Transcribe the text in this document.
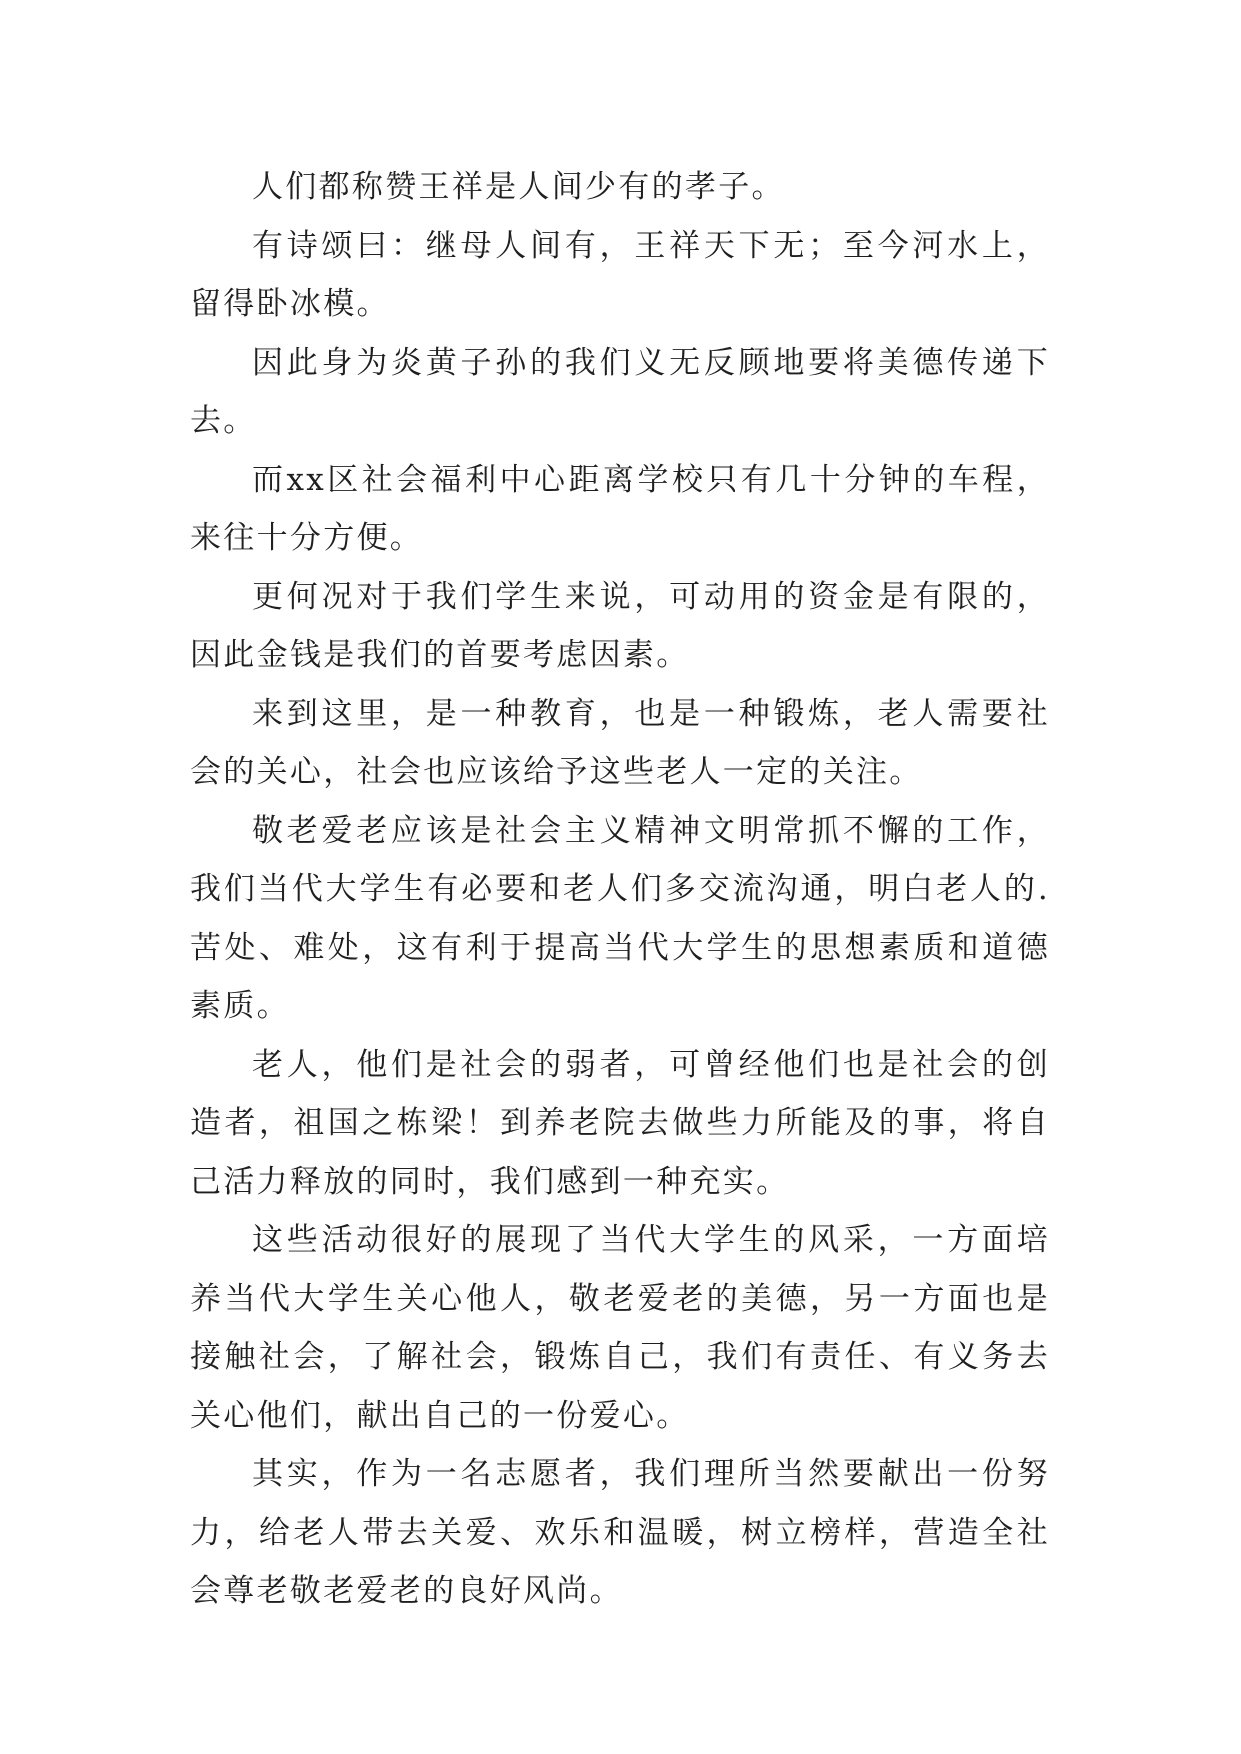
人们都称赞王祥是人间少有的孝子。

有诗颂曰：继母人间有，王祥天下无；至今河水上，留得卧冰模。

因此身为炎黄子孙的我们义无反顾地要将美德传递下去。

而xx区社会福利中心距离学校只有几十分钟的车程，来往十分方便。

更何况对于我们学生来说，可动用的资金是有限的，因此金钱是我们的首要考虑因素。

来到这里，是一种教育，也是一种锻炼，老人需要社会的关心，社会也应该给予这些老人一定的关注。

敬老爱老应该是社会主义精神文明常抓不懈的工作，我们当代大学生有必要和老人们多交流沟通，明白老人的.苦处、难处，这有利于提高当代大学生的思想素质和道德素质。

老人，他们是社会的弱者，可曾经他们也是社会的创造者，祖国之栋梁！到养老院去做些力所能及的事，将自己活力释放的同时，我们感到一种充实。

这些活动很好的展现了当代大学生的风采，一方面培养当代大学生关心他人，敬老爱老的美德，另一方面也是接触社会，了解社会，锻炼自己，我们有责任、有义务去关心他们，献出自己的一份爱心。

其实，作为一名志愿者，我们理所当然要献出一份努力，给老人带去关爱、欢乐和温暖，树立榜样，营造全社会尊老敬老爱老的良好风尚。
